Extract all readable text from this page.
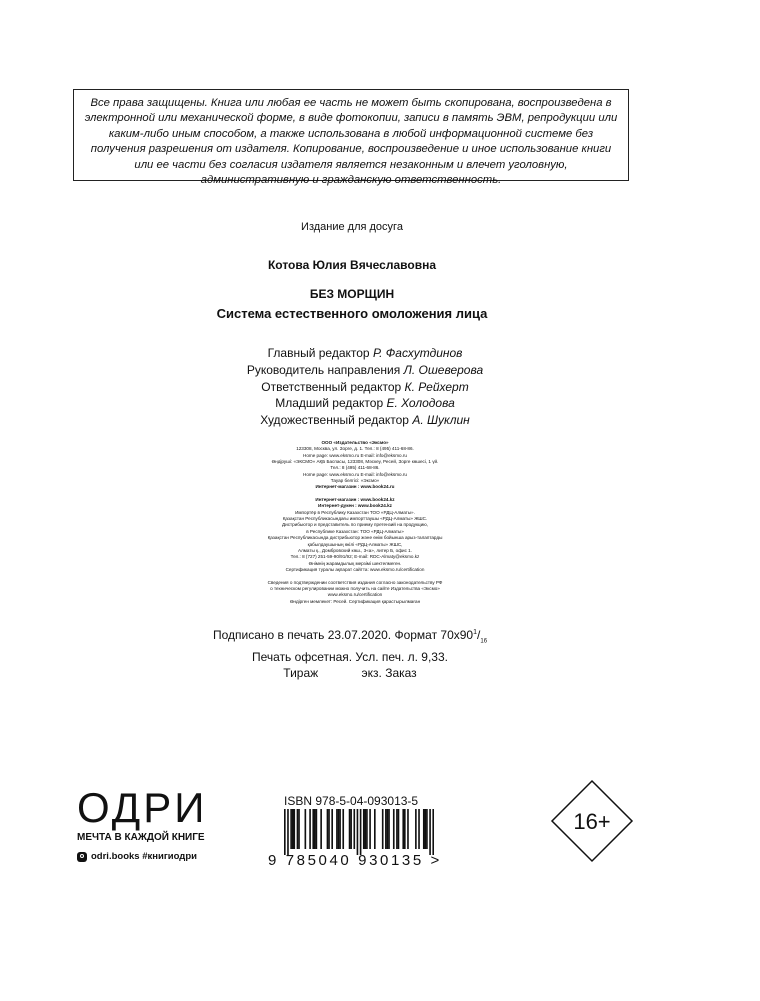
Все права защищены. Книга или любая ее часть не может быть скопирована, воспроизведена в электронной или механической форме, в виде фотокопии, записи в память ЭВМ, репродукции или каким-либо иным способом, а также использована в любой информационной системе без получения разрешения от издателя. Копирование, воспроизведение и иное использование книги или ее части без согласия издателя является незаконным и влечет уголовную, административную и гражданскую ответственность.
Издание для досуга
Котова Юлия Вячеславовна
БЕЗ МОРЩИН
Система естественного омоложения лица
Главный редактор Р. Фасхутдинов
Руководитель направления Л. Ошеверова
Ответственный редактор К. Рейхерт
Младший редактор Е. Холодова
Художественный редактор А. Шуклин
ООО «Издательство «Эксмо»
123308, Москва, ул. Зорге, д. 1. Тел.: 8 (495) 411-68-86.
Home page: www.eksmo.ru E-mail: info@eksmo.ru
Өндіруші: «ЭКСМО» АҚБ Баспасы, 123308, Мәскеу, Ресей, Зорге көшесі, 1 үй.
Тел.: 8 (495) 411-68-86.
Home page: www.eksmo.ru E-mail: info@eksmo.ru
Тауар белгісі: «Эксмо»
Интернет-магазин : www.book24.ru

Интернет-магазин : www.book24.kz
Интернет-дүкен : www.book24.kz
Импортёр в Республику Казахстан ТОО «РДЦ-Алматы».
Қазақстан Республикасындағы импорттаушы «РДЦ-Алматы» ЖШС.
Дистрибьютор и представитель по приему претензий на продукцию,
в Республике Казахстан: ТОО «РДЦ-Алматы»
Қазақстан Республикасында дистрибьютор және өнім бойынша арыз-талаптарды
қабылдаушының өкілі «РДЦ-Алматы» ЖШС,
Алматы қ., Домбровский көш., 3«а», литер Б, офис 1.
Тел.: 8 (727) 251-59-90/91/92; E-mail: RDC-Almaty@eksmo.kz
Өнімнің жарамдылық мерзімі шектелмеген.
Сертификация туралы ақпарат сайтта: www.eksmo.ru/certification

Сведения о подтверждении соответствия издания согласно законодательству РФ
о техническом регулировании можно получить на сайте Издательства «Эксмо»
www.eksmo.ru/certification
Өндірген мемлекет: Ресей. Сертификация қарастырылмаған
Подписано в печать 23.07.2020. Формат $70x90^1/_{16}$
Печать офсетная. Усл. печ. л. 9,33.
Тираж	экз. Заказ
ОДРИ
МЕЧТА В КАЖДОЙ КНИГЕ
odri.books #книгиодри
ISBN 978-5-04-093013-5
9 785040 930135 >
16+
